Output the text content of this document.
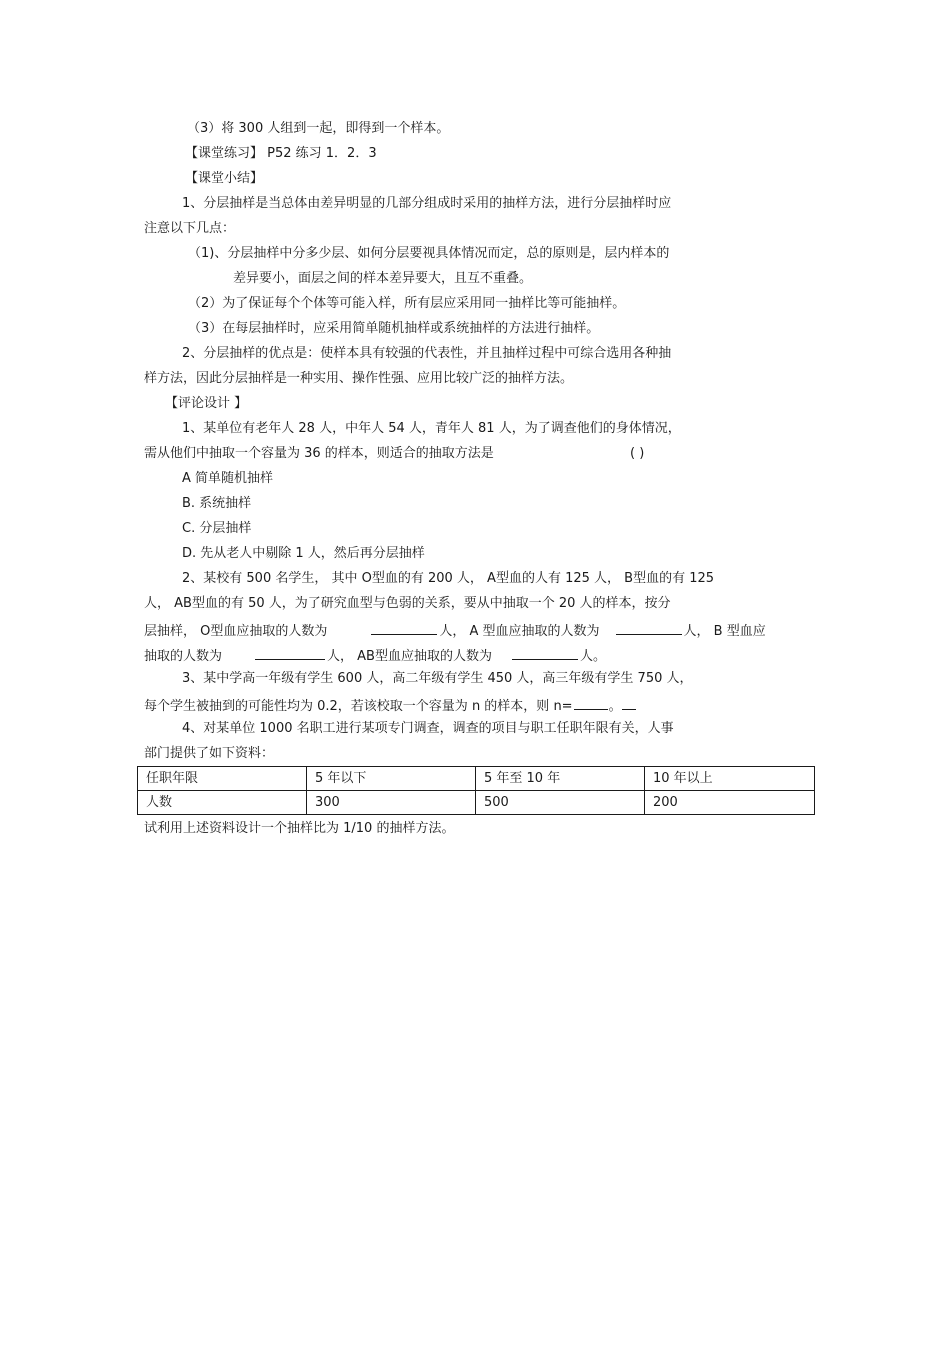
（3）将 300 人组到一起，即得到一个样本。
【课堂练习】 P52 练习 1．2．3
【课堂小结】
1、分层抽样是当总体由差异明显的几部分组成时采用的抽样方法，进行分层抽样时应
注意以下几点：
（1)、分层抽样中分多少层、如何分层要视具体情况而定，总的原则是，层内样本的
差异要小，面层之间的样本差异要大，且互不重叠。
（2）为了保证每个个体等可能入样，所有层应采用同一抽样比等可能抽样。
（3）在每层抽样时，应采用简单随机抽样或系统抽样的方法进行抽样。
2、分层抽样的优点是：使样本具有较强的代表性，并且抽样过程中可综合选用各种抽
样方法，因此分层抽样是一种实用、操作性强、应用比较广泛的抽样方法。
【评论设计 】
1、某单位有老年人 28 人，中年人 54 人，青年人 81 人，为了调查他们的身体情况，
需从他们中抽取一个容量为 36 的样本，则适合的抽取方法是	( )
A 简单随机抽样
B. 系统抽样
C. 分层抽样
D. 先从老人中剔除 1 人，然后再分层抽样
2、某校有 500 名学生， 其中 O型血的有 200 人， A型血的人有 125 人， B型血的有 125
人， AB型血的有 50 人，为了研究血型与色弱的关系，要从中抽取一个 20 人的样本，按分
层抽样， O型血应抽取的人数为	人， A 型血应抽取的人数为	人， B 型血应
抽取的人数为	人， AB型血应抽取的人数为	人。
3、某中学高一年级有学生 600 人，高二年级有学生 450 人，高三年级有学生 750 人，
每个学生被抽到的可能性均为 0.2，若该校取一个容量为 n 的样本，则 n=	。
4、对某单位 1000 名职工进行某项专门调查，调查的项目与职工任职年限有关，人事
部门提供了如下资料：
任职年限	5 年以下	5 年至 10 年	10 年以上
人数	300	500	200
试利用上述资料设计一个抽样比为 1/10 的抽样方法。
